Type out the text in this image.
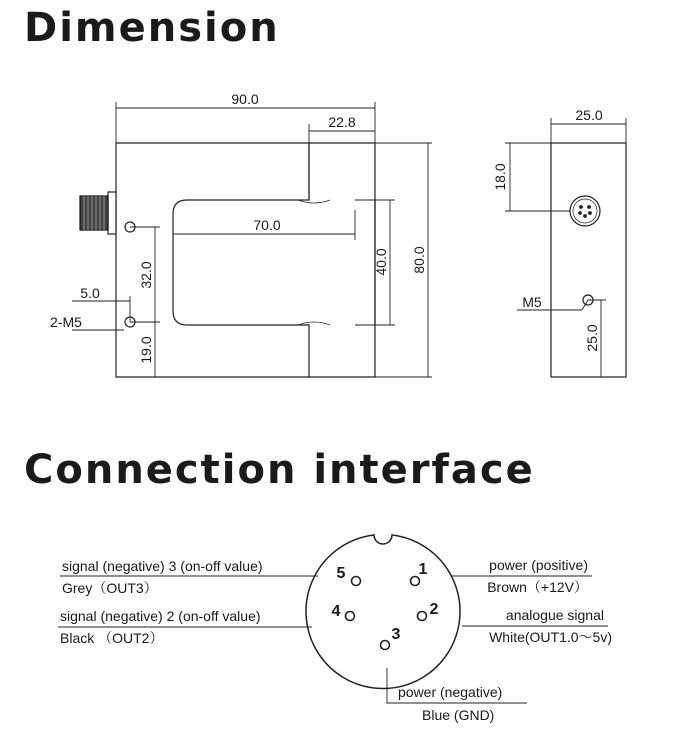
Dimension
Connection interface
90.0
22.8
70.0
40.0 80.0
32.0
5.0
2-M5
19.0
25.0
18.0
M5
25.0
5	1
4	2
3
signal (negative) 3 (on-off value)
Grey（OUT3）
signal (negative) 2 (on-off value)
Black （OUT2）
power (positive)
Brown（+12V）
analogue signal
White(OUT1.0～5v)
power (negative)
Blue (GND)
